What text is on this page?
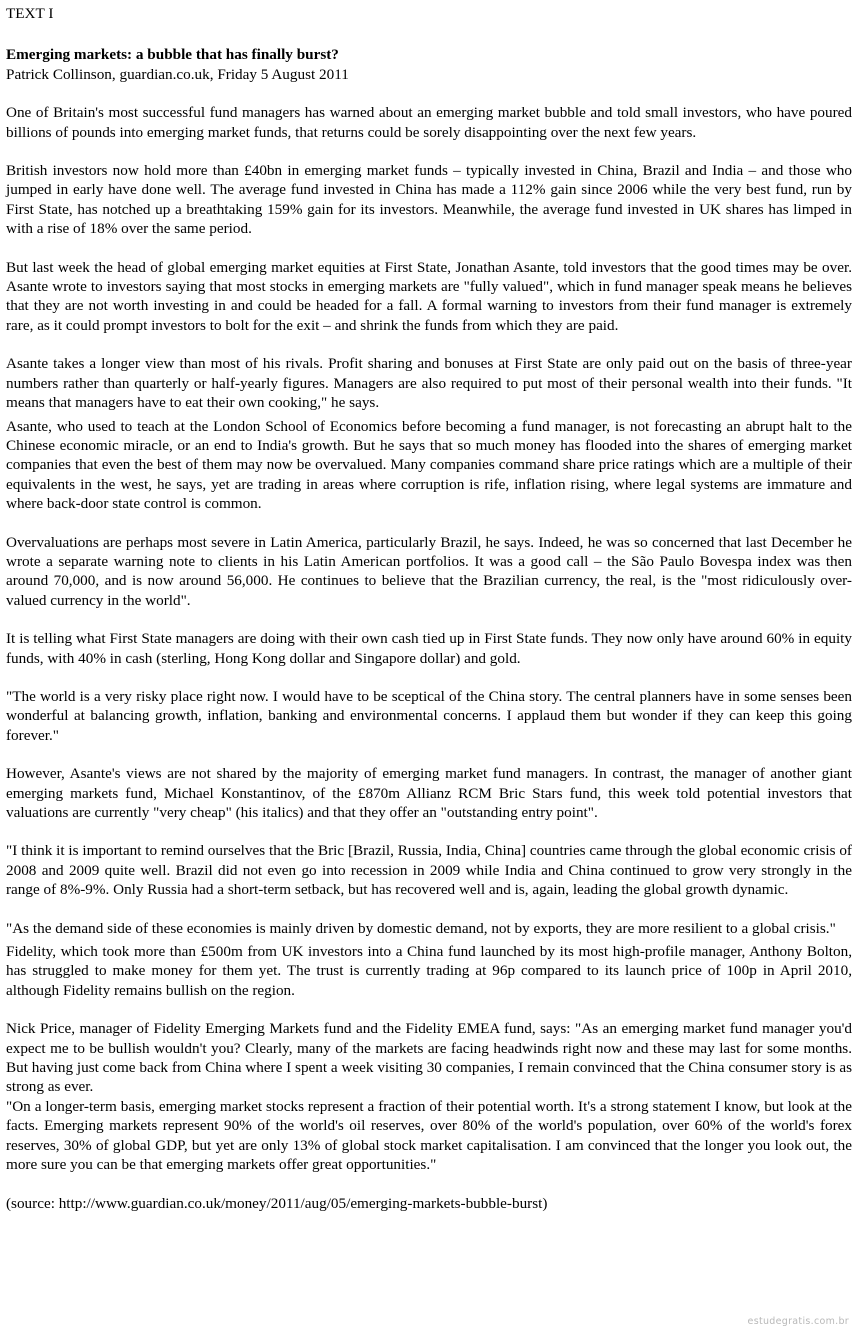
TEXT I
Emerging markets: a bubble that has finally burst?
Patrick Collinson, guardian.co.uk, Friday 5 August 2011

One of Britain's most successful fund managers has warned about an emerging market bubble and told small investors, who have poured billions of pounds into emerging market funds, that returns could be sorely disappointing over the next few years.

British investors now hold more than £40bn in emerging market funds – typically invested in China, Brazil and India – and those who jumped in early have done well. The average fund invested in China has made a 112% gain since 2006 while the very best fund, run by First State, has notched up a breathtaking 159% gain for its investors. Meanwhile, the average fund invested in UK shares has limped in with a rise of 18% over the same period.

But last week the head of global emerging market equities at First State, Jonathan Asante, told investors that the good times may be over. Asante wrote to investors saying that most stocks in emerging markets are "fully valued", which in fund manager speak means he believes that they are not worth investing in and could be headed for a fall. A formal warning to investors from their fund manager is extremely rare, as it could prompt investors to bolt for the exit – and shrink the funds from which they are paid.

Asante takes a longer view than most of his rivals. Profit sharing and bonuses at First State are only paid out on the basis of three-year numbers rather than quarterly or half-yearly figures. Managers are also required to put most of their personal wealth into their funds. "It means that managers have to eat their own cooking," he says.

Asante, who used to teach at the London School of Economics before becoming a fund manager, is not forecasting an abrupt halt to the Chinese economic miracle, or an end to India's growth. But he says that so much money has flooded into the shares of emerging market companies that even the best of them may now be overvalued. Many companies command share price ratings which are a multiple of their equivalents in the west, he says, yet are trading in areas where corruption is rife, inflation rising, where legal systems are immature and where back-door state control is common.

Overvaluations are perhaps most severe in Latin America, particularly Brazil, he says. Indeed, he was so concerned that last December he wrote a separate warning note to clients in his Latin American portfolios. It was a good call – the São Paulo Bovespa index was then around 70,000, and is now around 56,000. He continues to believe that the Brazilian currency, the real, is the "most ridiculously over-valued currency in the world".

It is telling what First State managers are doing with their own cash tied up in First State funds. They now only have around 60% in equity funds, with 40% in cash (sterling, Hong Kong dollar and Singapore dollar) and gold.

"The world is a very risky place right now. I would have to be sceptical of the China story. The central planners have in some senses been wonderful at balancing growth, inflation, banking and environmental concerns. I applaud them but wonder if they can keep this going forever."

However, Asante's views are not shared by the majority of emerging market fund managers. In contrast, the manager of another giant emerging markets fund, Michael Konstantinov, of the £870m Allianz RCM Bric Stars fund, this week told potential investors that valuations are currently "very cheap" (his italics) and that they offer an "outstanding entry point".

"I think it is important to remind ourselves that the Bric [Brazil, Russia, India, China] countries came through the global economic crisis of 2008 and 2009 quite well. Brazil did not even go into recession in 2009 while India and China continued to grow very strongly in the range of 8%-9%. Only Russia had a short-term setback, but has recovered well and is, again, leading the global growth dynamic.

"As the demand side of these economies is mainly driven by domestic demand, not by exports, they are more resilient to a global crisis."

Fidelity, which took more than £500m from UK investors into a China fund launched by its most high-profile manager, Anthony Bolton, has struggled to make money for them yet. The trust is currently trading at 96p compared to its launch price of 100p in April 2010, although Fidelity remains bullish on the region.

Nick Price, manager of Fidelity Emerging Markets fund and the Fidelity EMEA fund, says: "As an emerging market fund manager you'd expect me to be bullish wouldn't you? Clearly, many of the markets are facing headwinds right now and these may last for some months. But having just come back from China where I spent a week visiting 30 companies, I remain convinced that the China consumer story is as strong as ever.

"On a longer-term basis, emerging market stocks represent a fraction of their potential worth. It's a strong statement I know, but look at the facts. Emerging markets represent 90% of the world's oil reserves, over 80% of the world's population, over 60% of the world's forex reserves, 30% of global GDP, but yet are only 13% of global stock market capitalisation. I am convinced that the longer you look out, the more sure you can be that emerging markets offer great opportunities."

(source: http://www.guardian.co.uk/money/2011/aug/05/emerging-markets-bubble-burst)
estudegratis.com.br
